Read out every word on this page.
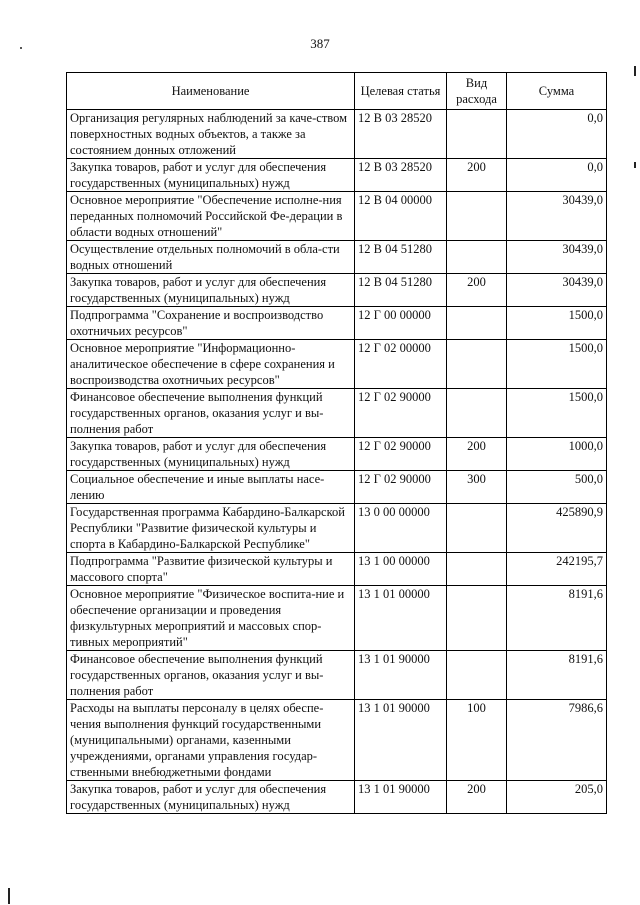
387
Наименование	Целевая статья	Вид расхода	Сумма
Организация регулярных наблюдений за каче-ством поверхностных водных объектов, а также за состоянием донных отложений	12 В 03 28520		0,0
Закупка товаров, работ и услуг для обеспечения государственных (муниципальных) нужд	12 В 03 28520	200	0,0
Основное мероприятие "Обеспечение исполне-ния переданных полномочий Российской Фе-дерации в области водных отношений"	12 В 04 00000		30439,0
Осуществление отдельных полномочий в обла-сти водных отношений	12 В 04 51280		30439,0
Закупка товаров, работ и услуг для обеспечения государственных (муниципальных) нужд	12 В 04 51280	200	30439,0
Подпрограмма "Сохранение и воспроизводство охотничьих ресурсов"	12 Г 00 00000		1500,0
Основное мероприятие "Информационно-аналитическое обеспечение в сфере сохранения и воспроизводства охотничьих ресурсов"	12 Г 02 00000		1500,0
Финансовое обеспечение выполнения функций государственных органов, оказания услуг и вы-полнения работ	12 Г 02 90000		1500,0
Закупка товаров, работ и услуг для обеспечения государственных (муниципальных) нужд	12 Г 02 90000	200	1000,0
Социальное обеспечение и иные выплаты насе-лению	12 Г 02 90000	300	500,0
Государственная программа Кабардино-Балкарской Республики "Развитие физической культуры и спорта в Кабардино-Балкарской Республике"	13 0 00 00000		425890,9
Подпрограмма "Развитие физической культуры и массового спорта"	13 1 00 00000		242195,7
Основное мероприятие "Физическое воспита-ние и обеспечение организации и проведения физкультурных мероприятий и массовых спор-тивных мероприятий"	13 1 01 00000		8191,6
Финансовое обеспечение выполнения функций государственных органов, оказания услуг и вы-полнения работ	13 1 01 90000		8191,6
Расходы на выплаты персоналу в целях обеспе-чения выполнения функций государственными (муниципальными) органами, казенными учреждениями, органами управления государ-ственными внебюджетными фондами	13 1 01 90000	100	7986,6
Закупка товаров, работ и услуг для обеспечения государственных (муниципальных) нужд	13 1 01 90000	200	205,0
